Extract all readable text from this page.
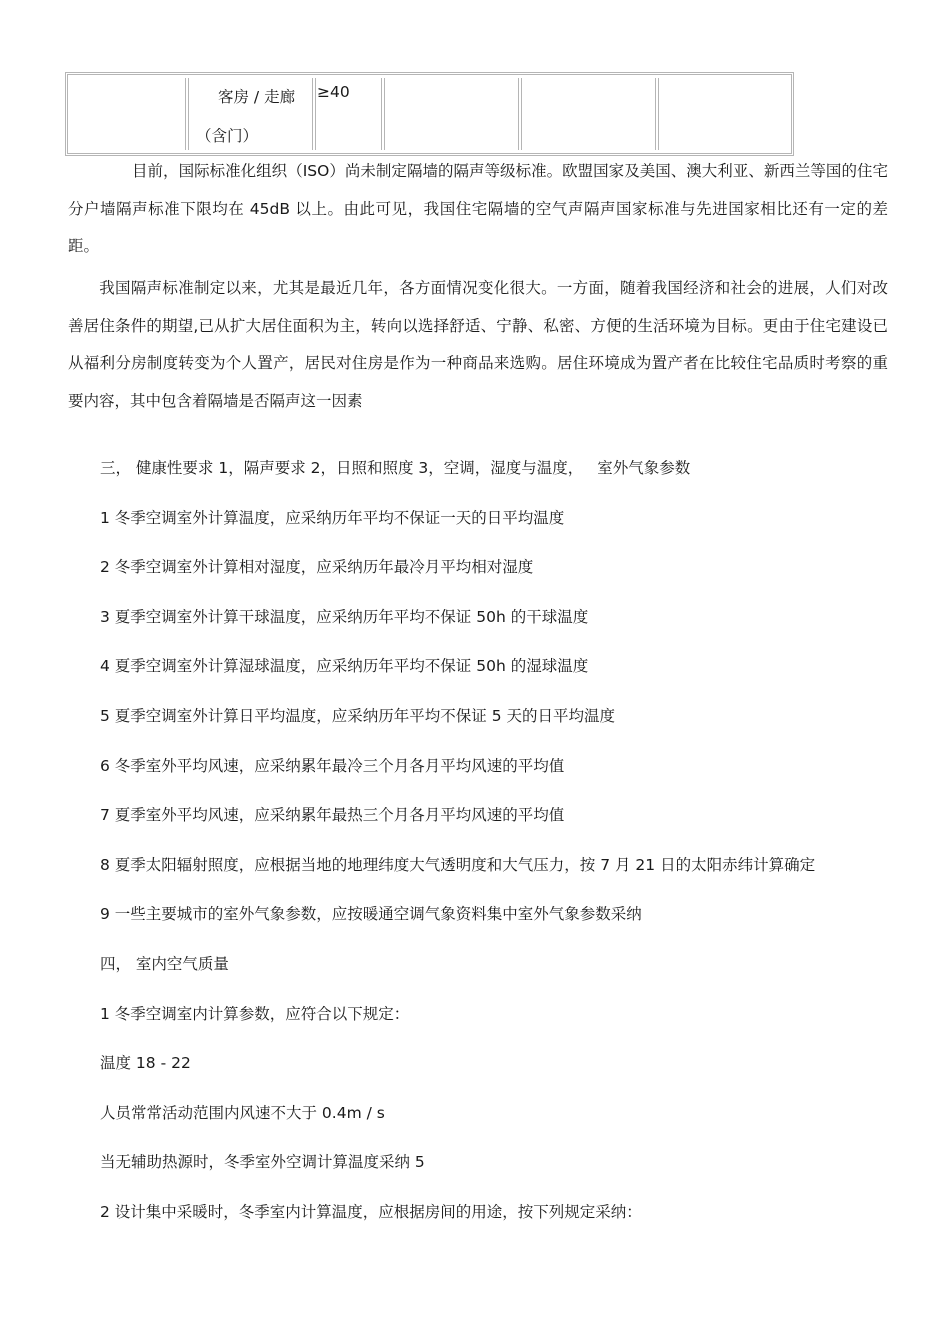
客房 / 走廊
（含门）
≥40
目前，国际标准化组织（ISO）尚未制定隔墙的隔声等级标准。欧盟国家及美国、澳大利亚、新西兰等国的住宅分户墙隔声标准下限均在 45dB 以上。由此可见，我国住宅隔墙的空气声隔声国家标准与先进国家相比还有一定的差距。
我国隔声标准制定以来，尤其是最近几年，各方面情况变化很大。一方面，随着我国经济和社会的进展，人们对改善居住条件的期望,已从扩大居住面积为主，转向以选择舒适、宁静、私密、方便的生活环境为目标。更由于住宅建设已从福利分房制度转变为个人置产，居民对住房是作为一种商品来选购。居住环境成为置产者在比较住宅品质时考察的重要内容，其中包含着隔墙是否隔声这一因素
三， 健康性要求 1，隔声要求 2，日照和照度 3，空调，湿度与温度， 室外气象参数
1 冬季空调室外计算温度，应采纳历年平均不保证一天的日平均温度
2 冬季空调室外计算相对湿度，应采纳历年最冷月平均相对湿度
3 夏季空调室外计算干球温度，应采纳历年平均不保证 50h 的干球温度
4 夏季空调室外计算湿球温度，应采纳历年平均不保证 50h 的湿球温度
5 夏季空调室外计算日平均温度，应采纳历年平均不保证 5 天的日平均温度
6 冬季室外平均风速，应采纳累年最冷三个月各月平均风速的平均值
7 夏季室外平均风速，应采纳累年最热三个月各月平均风速的平均值
8 夏季太阳辐射照度，应根据当地的地理纬度大气透明度和大气压力，按 7 月 21 日的太阳赤纬计算确定
9 一些主要城市的室外气象参数，应按暖通空调气象资料集中室外气象参数采纳
四， 室内空气质量
1 冬季空调室内计算参数，应符合以下规定：
温度 18 - 22
人员常常活动范围内风速不大于 0.4m / s
当无辅助热源时，冬季室外空调计算温度采纳 5
2 设计集中采暖时，冬季室内计算温度，应根据房间的用途，按下列规定采纳：
